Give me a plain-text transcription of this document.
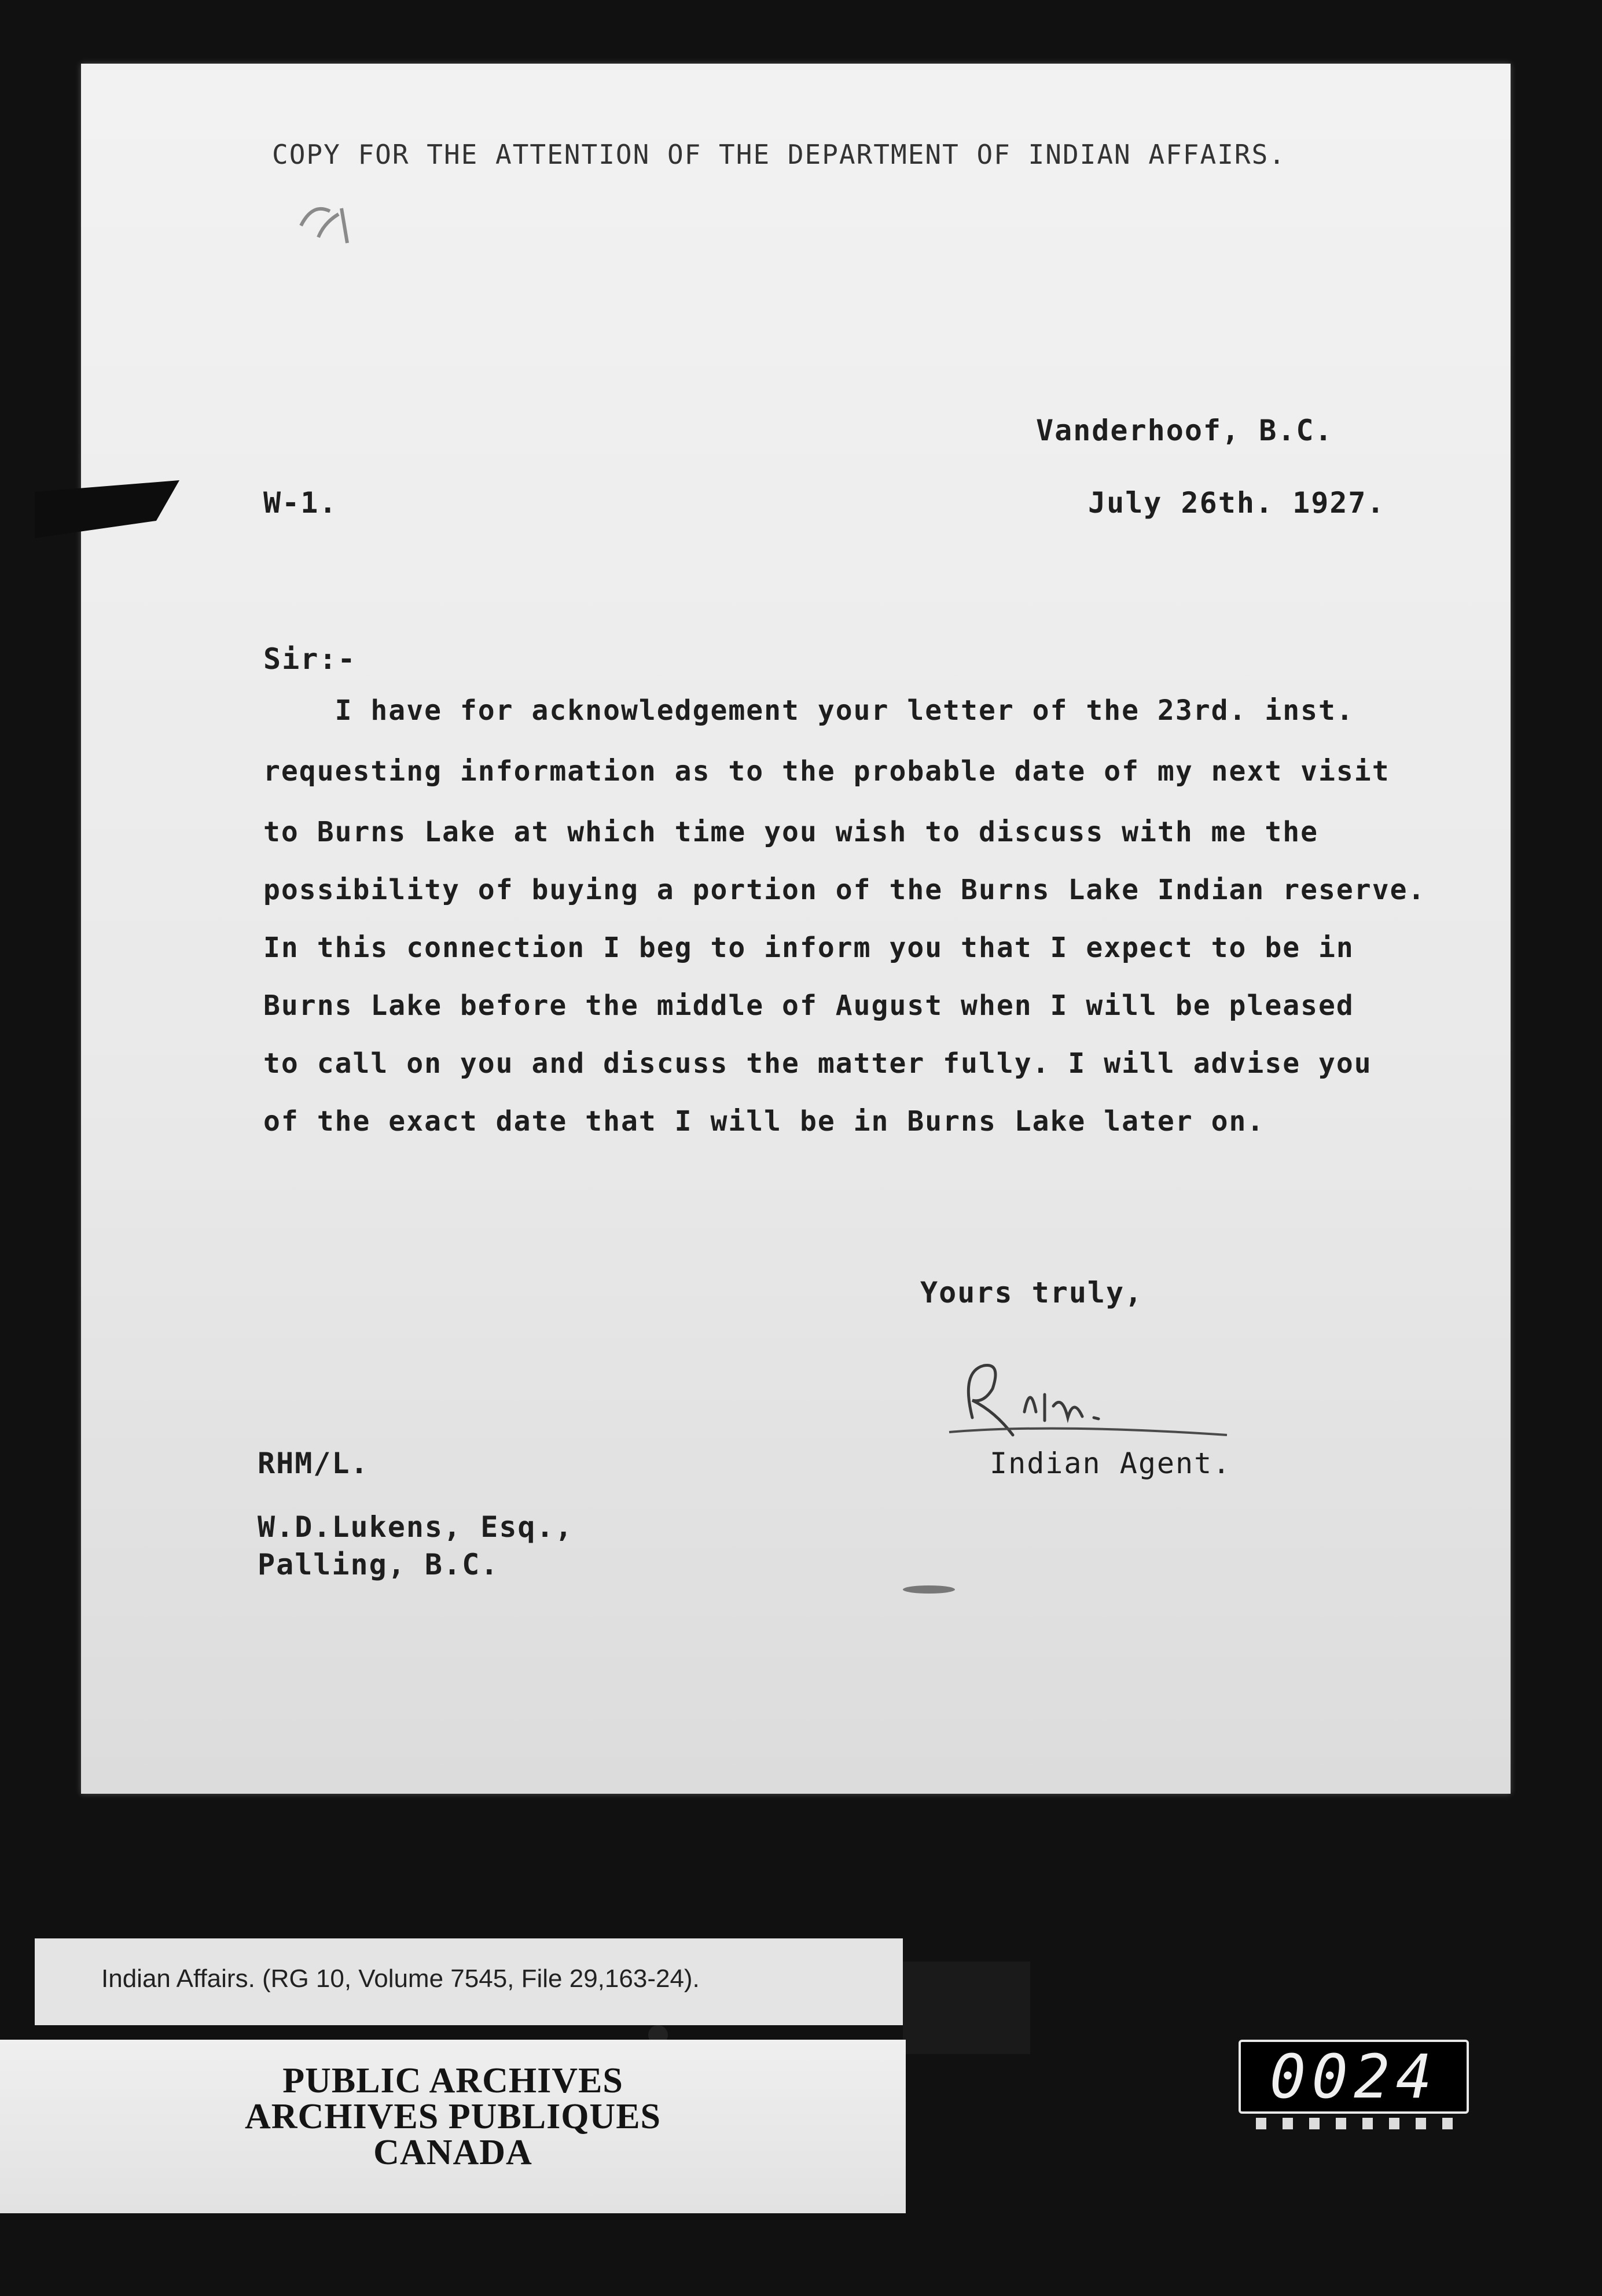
COPY FOR THE ATTENTION OF THE DEPARTMENT OF INDIAN AFFAIRS.
Vanderhoof, B.C.
W-1.	July 26th. 1927.
Sir:-
I have for acknowledgement your letter of the 23rd. inst.
requesting information as to the probable date of my next visit
to Burns Lake at which time you wish to discuss with me the
possibility of buying a portion of the Burns Lake Indian reserve.
In this connection I beg to inform you that I expect to be in
Burns Lake before the middle of August when I will be pleased
to call on you and discuss the matter fully. I will advise you
of the exact date that I will be in Burns Lake later on.
Yours truly,
Indian Agent.
RHM/L.
W.D.Lukens, Esq.,
Palling, B.C.
Indian Affairs. (RG 10, Volume 7545, File 29,163-24).
PUBLIC ARCHIVES
ARCHIVES PUBLIQUES
CANADA
0024
